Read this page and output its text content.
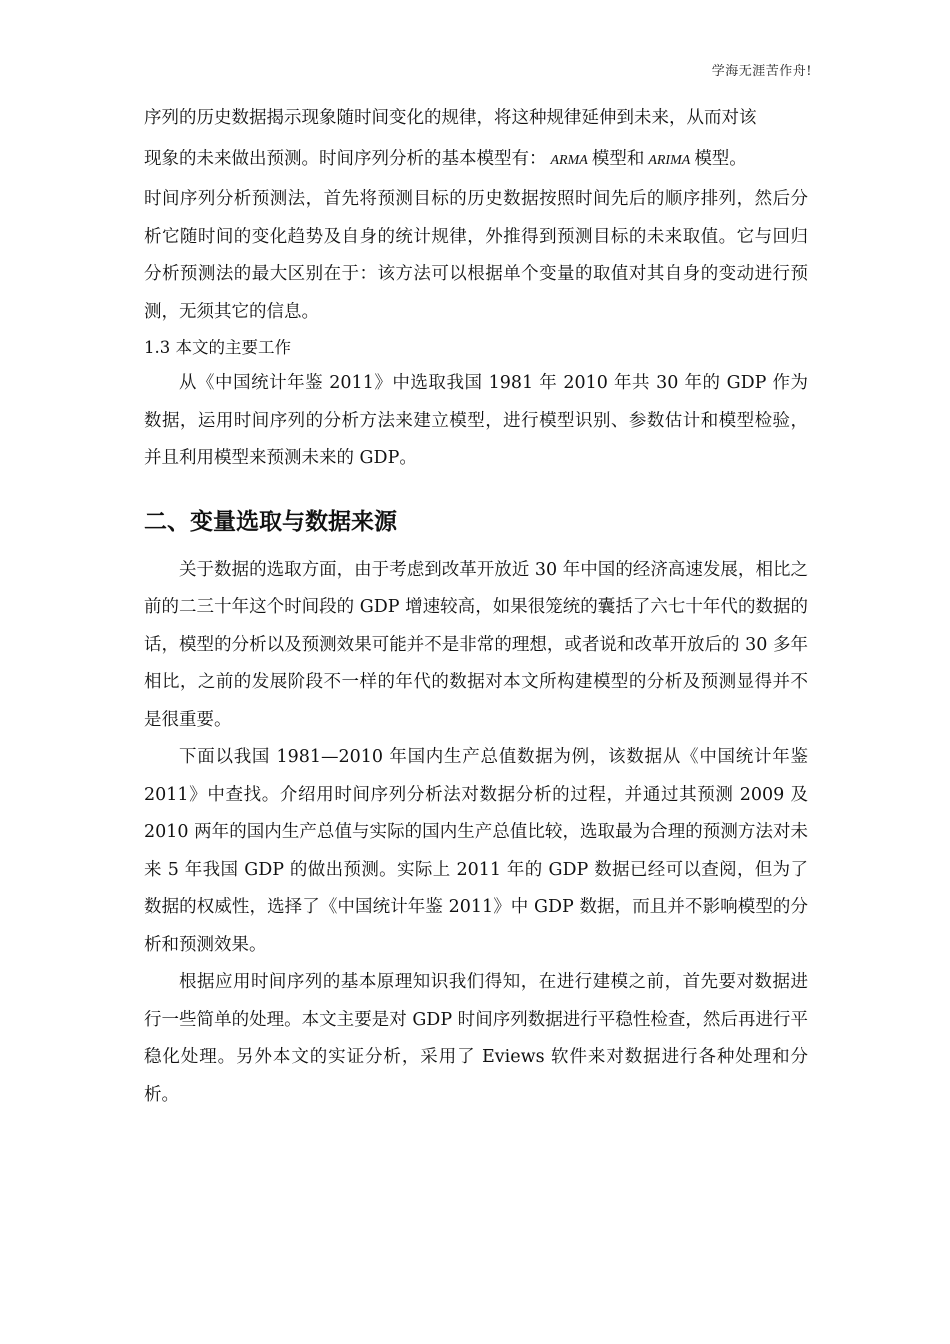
学海无涯苦作舟!

序列的历史数据揭示现象随时间变化的规律，将这种规律延伸到未来，从而对该
现象的未来做出预测。时间序列分析的基本模型有： ARMA 模型和 ARIMA 模型。
时间序列分析预测法，首先将预测目标的历史数据按照时间先后的顺序排列，然后分析它随时间的变化趋势及自身的统计规律，外推得到预测目标的未来取值。它与回归分析预测法的最大区别在于：该方法可以根据单个变量的取值对其自身的变动进行预测，无须其它的信息。

1.3 本文的主要工作

从《中国统计年鉴 2011》中选取我国 1981 年 2010 年共 30 年的 GDP 作为数据，运用时间序列的分析方法来建立模型，进行模型识别、参数估计和模型检验，并且利用模型来预测未来的 GDP。

二、变量选取与数据来源

关于数据的选取方面，由于考虑到改革开放近 30 年中国的经济高速发展，相比之前的二三十年这个时间段的 GDP 增速较高，如果很笼统的囊括了六七十年代的数据的话，模型的分析以及预测效果可能并不是非常的理想，或者说和改革开放后的 30 多年相比，之前的发展阶段不一样的年代的数据对本文所构建模型的分析及预测显得并不是很重要。

下面以我国 1981—2010 年国内生产总值数据为例，该数据从《中国统计年鉴 2011》中查找。介绍用时间序列分析法对数据分析的过程，并通过其预测 2009 及 2010 两年的国内生产总值与实际的国内生产总值比较，选取最为合理的预测方法对未来 5 年我国 GDP 的做出预测。实际上 2011 年的 GDP 数据已经可以查阅，但为了数据的权威性，选择了《中国统计年鉴 2011》中 GDP 数据，而且并不影响模型的分析和预测效果。

根据应用时间序列的基本原理知识我们得知，在进行建模之前，首先要对数据进行一些简单的处理。本文主要是对 GDP 时间序列数据进行平稳性检查，然后再进行平稳化处理。另外本文的实证分析，采用了 Eviews 软件来对数据进行各种处理和分析。
